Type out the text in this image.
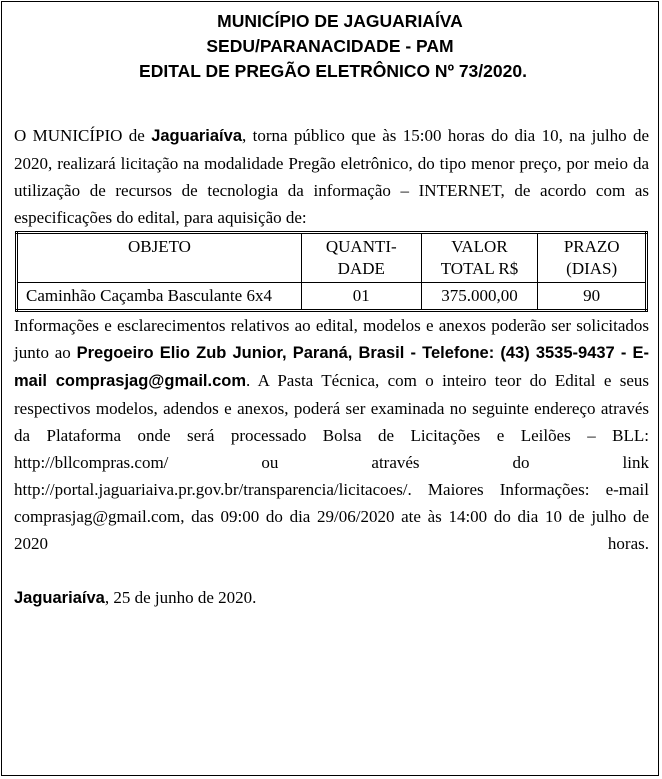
MUNICÍPIO DE JAGUARIAÍVA
SEDU/PARANACIDADE - PAM
EDITAL DE PREGÃO ELETRÔNICO Nº 73/2020.

O MUNICÍPIO de Jaguariaíva, torna público que às 15:00 horas do dia 10, na julho de 2020, realizará licitação na modalidade Pregão eletrônico, do tipo menor preço, por meio da utilização de recursos de tecnologia da informação – INTERNET, de acordo com as especificações do edital, para aquisição de:

OBJETO	QUANTI-DADE	VALOR TOTAL R$	PRAZO (DIAS)
Caminhão Caçamba Basculante 6x4	01	375.000,00	90

Informações e esclarecimentos relativos ao edital, modelos e anexos poderão ser solicitados junto ao Pregoeiro Elio Zub Junior, Paraná, Brasil - Telefone: (43) 3535-9437 - E-mail comprasjag@gmail.com. A Pasta Técnica, com o inteiro teor do Edital e seus respectivos modelos, adendos e anexos, poderá ser examinada no seguinte endereço através da Plataforma onde será processado Bolsa de Licitações e Leilões – BLL: http://bllcompras.com/ ou através do link http://portal.jaguariaiva.pr.gov.br/transparencia/licitacoes/. Maiores Informações: e-mail comprasjag@gmail.com, das 09:00 do dia 29/06/2020 ate às 14:00 do dia 10 de julho de 2020 horas.

Jaguariaíva, 25 de junho de 2020.
